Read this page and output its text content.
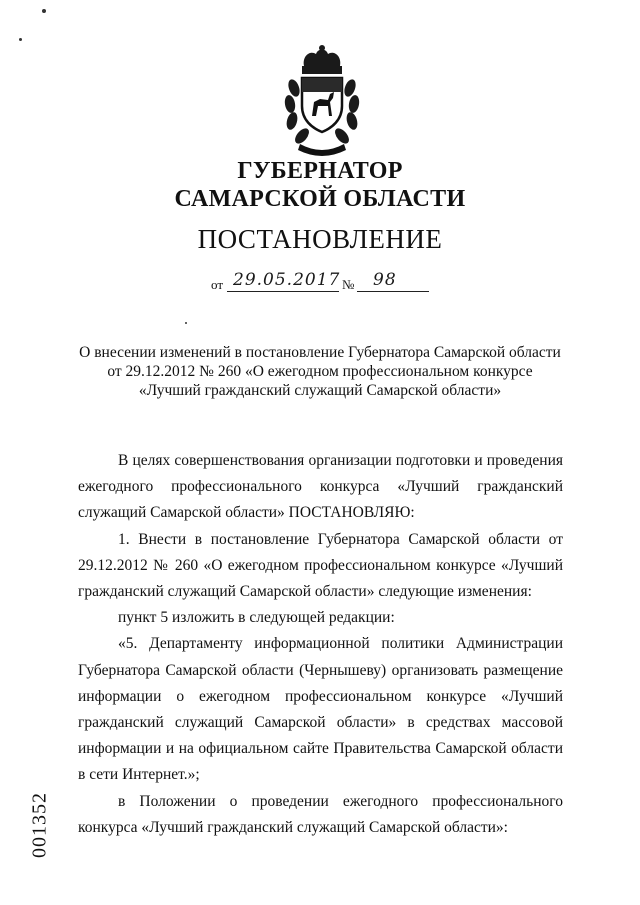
ГУБЕРНАТОР
САМАРСКОЙ ОБЛАСТИ
ПОСТАНОВЛЕНИЕ
от 29.05.2017 № 98
О внесении изменений в постановление Губернатора Самарской области
от 29.12.2012 № 260 «О ежегодном профессиональном конкурсе
«Лучший гражданский служащий Самарской области»

В целях совершенствования организации подготовки и проведения ежегодного профессионального конкурса «Лучший гражданский служащий Самарской области» ПОСТАНОВЛЯЮ:

1. Внести в постановление Губернатора Самарской области от 29.12.2012 № 260 «О ежегодном профессиональном конкурсе «Лучший гражданский служащий Самарской области» следующие изменения:

пункт 5 изложить в следующей редакции:

«5. Департаменту информационной политики Администрации Губернатора Самарской области (Чернышеву) организовать размещение информации о ежегодном профессиональном конкурсе «Лучший гражданский служащий Самарской области» в средствах массовой информации и на официальном сайте Правительства Самарской области в сети Интернет.»;

в Положении о проведении ежегодного профессионального конкурса «Лучший гражданский служащий Самарской области»:

001352
